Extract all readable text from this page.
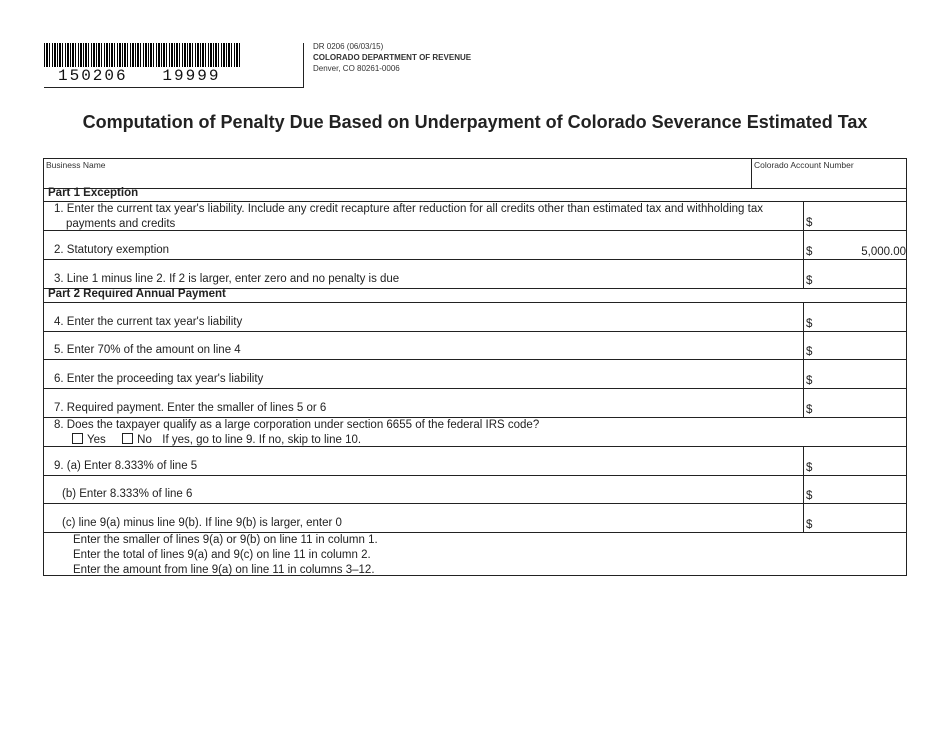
150206   19999
DR 0206 (06/03/15)
COLORADO DEPARTMENT OF REVENUE
Denver, CO 80261-0006
Computation of Penalty Due Based on Underpayment of Colorado Severance Estimated Tax
Business Name	Colorado Account Number
Part 1 Exception
1. Enter the current tax year's liability. Include any credit recapture after reduction for all credits other than estimated tax and withholding tax
payments and credits	$
2. Statutory exemption	$	5,000.00
3. Line 1 minus line 2. If 2 is larger, enter zero and no penalty is due	$
Part 2 Required Annual Payment
4. Enter the current tax year's liability	$
5. Enter 70% of the amount on line 4	$
6. Enter the proceeding tax year's liability	$
7. Required payment. Enter the smaller of lines 5 or 6	$
8. Does the taxpayer qualify as a large corporation under section 6655 of the federal IRS code?
Yes	No If yes, go to line 9. If no, skip to line 10.
9. (a) Enter 8.333% of line 5	$
(b) Enter 8.333% of line 6	$
(c) line 9(a) minus line 9(b). If line 9(b) is larger, enter 0	$
Enter the smaller of lines 9(a) or 9(b) on line 11 in column 1.
Enter the total of lines 9(a) and 9(c) on line 11 in column 2.
Enter the amount from line 9(a) on line 11 in columns 3–12.
